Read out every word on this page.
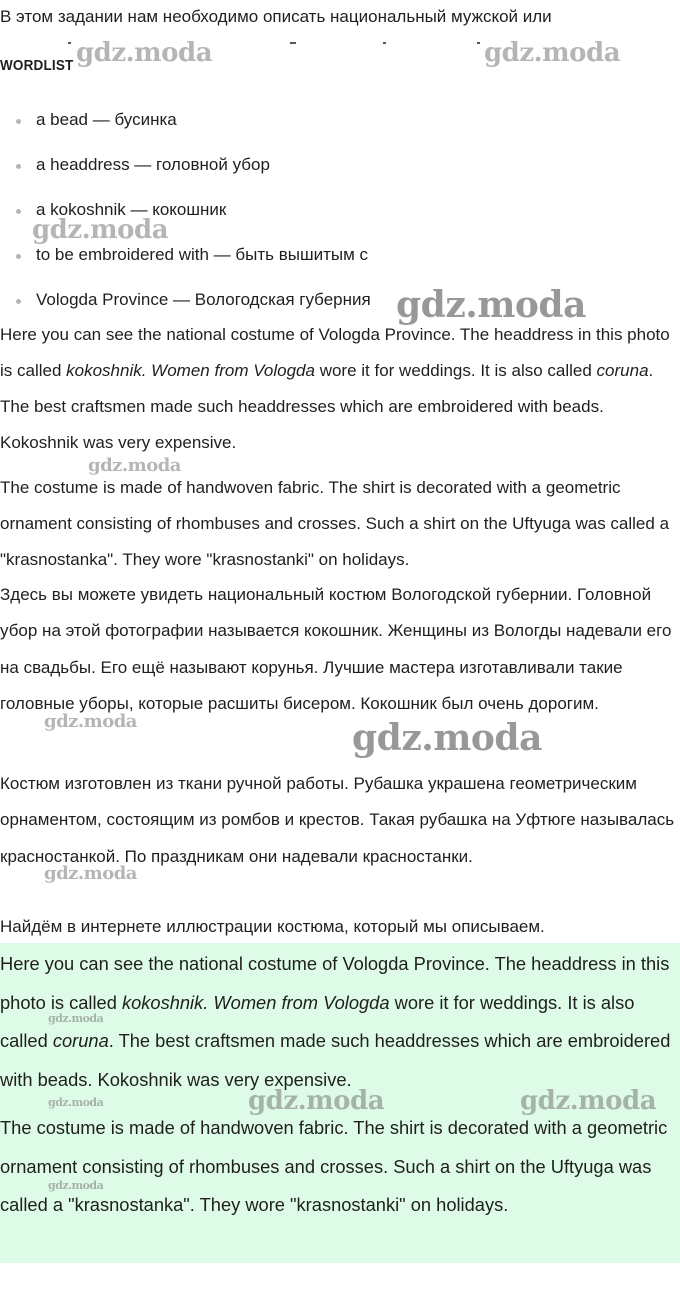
В этом задании нам необходимо описать национальный мужской или
WORDLIST
a bead — бусинка
a headdress — головной убор
a kokoshnik — кокошник
to be embroidered with — быть вышитым с
Vologda Province — Вологодская губерния

Here you can see the national costume of Vologda Province. The headdress in this photo is called kokoshnik. Women from Vologda wore it for weddings. It is also called coruna. The best craftsmen made such headdresses which are embroidered with beads. Kokoshnik was very expensive.

The costume is made of handwoven fabric. The shirt is decorated with a geometric ornament consisting of rhombuses and crosses. Such a shirt on the Uftyuga was called a "krasnostanka". They wore "krasnostanki" on holidays.

Здесь вы можете увидеть национальный костюм Вологодской губернии. Головной убор на этой фотографии называется кокошник. Женщины из Вологды надевали его на свадьбы. Его ещё называют корунья. Лучшие мастера изготавливали такие головные уборы, которые расшиты бисером. Кокошник был очень дорогим.

Костюм изготовлен из ткани ручной работы. Рубашка украшена геометрическим орнаментом, состоящим из ромбов и крестов. Такая рубашка на Уфтюге называлась красностанкой. По праздникам они надевали красностанки.

Найдём в интернете иллюстрации костюма, который мы описываем.

Here you can see the national costume of Vologda Province. The headdress in this photo is called kokoshnik. Women from Vologda wore it for weddings. It is also called coruna. The best craftsmen made such headdresses which are embroidered with beads. Kokoshnik was very expensive.

The costume is made of handwoven fabric. The shirt is decorated with a geometric ornament consisting of rhombuses and crosses. Such a shirt on the Uftyuga was called a "krasnostanka". They wore "krasnostanki" on holidays.

gdz.moda	gdz.moda
gdz.moda
gdz.moda
gdz.moda
gdz.moda	gdz.moda
gdz.moda
gdz.moda
gdz.moda	gdz.moda	gdz.moda
gdz.moda
